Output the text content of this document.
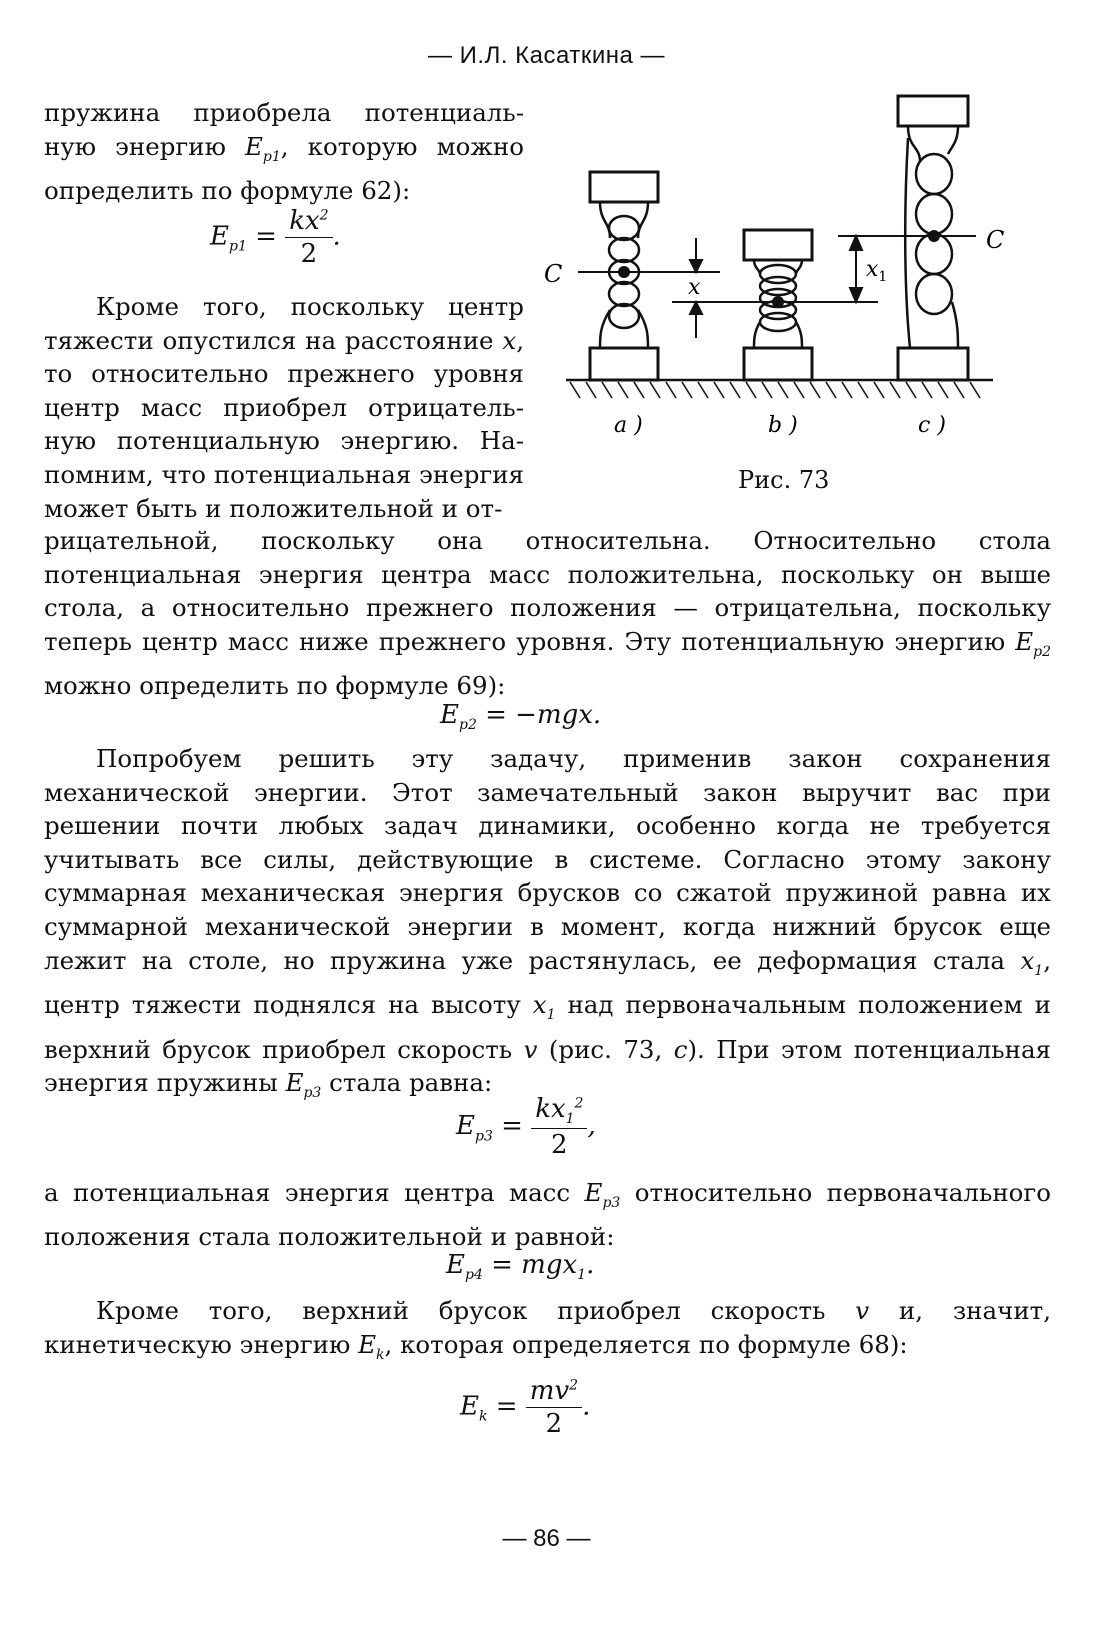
— И.Л. Касаткина —

пружина приобрела потенциаль-ную энергию $E_{p1}$, которую можно определить по формуле 62):

$E_{p1} = \frac{kx^2}{2}$ .

Кроме того, поскольку центр тяжести опустился на расстояние x, то относительно прежнего уровня центр масс приобрел отрицатель-ную потенциальную энергию. На-помним, что потенциальная энергия может быть и положительной и от-

x
$x_1$
C
C
a )	b )	c )
Рис. 73

рицательной, поскольку она относительна. Относительно стола потенциальная энергия центра масс положительна, поскольку он выше стола, а относительно прежнего положения — отрицательна, поскольку теперь центр масс ниже прежнего уровня. Эту потенциальную энергию $E_{p2}$ можно определить по формуле 69):

$E_{p2} = -mgx$.

Попробуем решить эту задачу, применив закон сохранения механической энергии. Этот замечательный закон выручит вас при решении почти любых задач динамики, особенно когда не требуется учитывать все силы, действующие в системе. Согласно этому закону суммарная механическая энергия брусков со сжатой пружиной равна их суммарной механической энергии в момент, когда нижний брусок еще лежит на столе, но пружина уже растянулась, ее деформация стала $x_1$, центр тяжести поднялся на высоту $x_1$ над первоначальным положением и верхний брусок приобрел скорость v (рис. 73, c). При этом потенциальная энергия пружины $E_{p3}$ стала равна:

$E_{p3} = \frac{kx_1^2}{2}$ ,

а потенциальная энергия центра масс $E_{p3}$ относительно первоначального положения стала положительной и равной:

$E_{p4} = mgx_1$.

Кроме того, верхний брусок приобрел скорость v и, значит, кинетическую энергию $E_k$, которая определяется по формуле 68):

$E_k = \frac{mv^2}{2}$ .
— 86 —
